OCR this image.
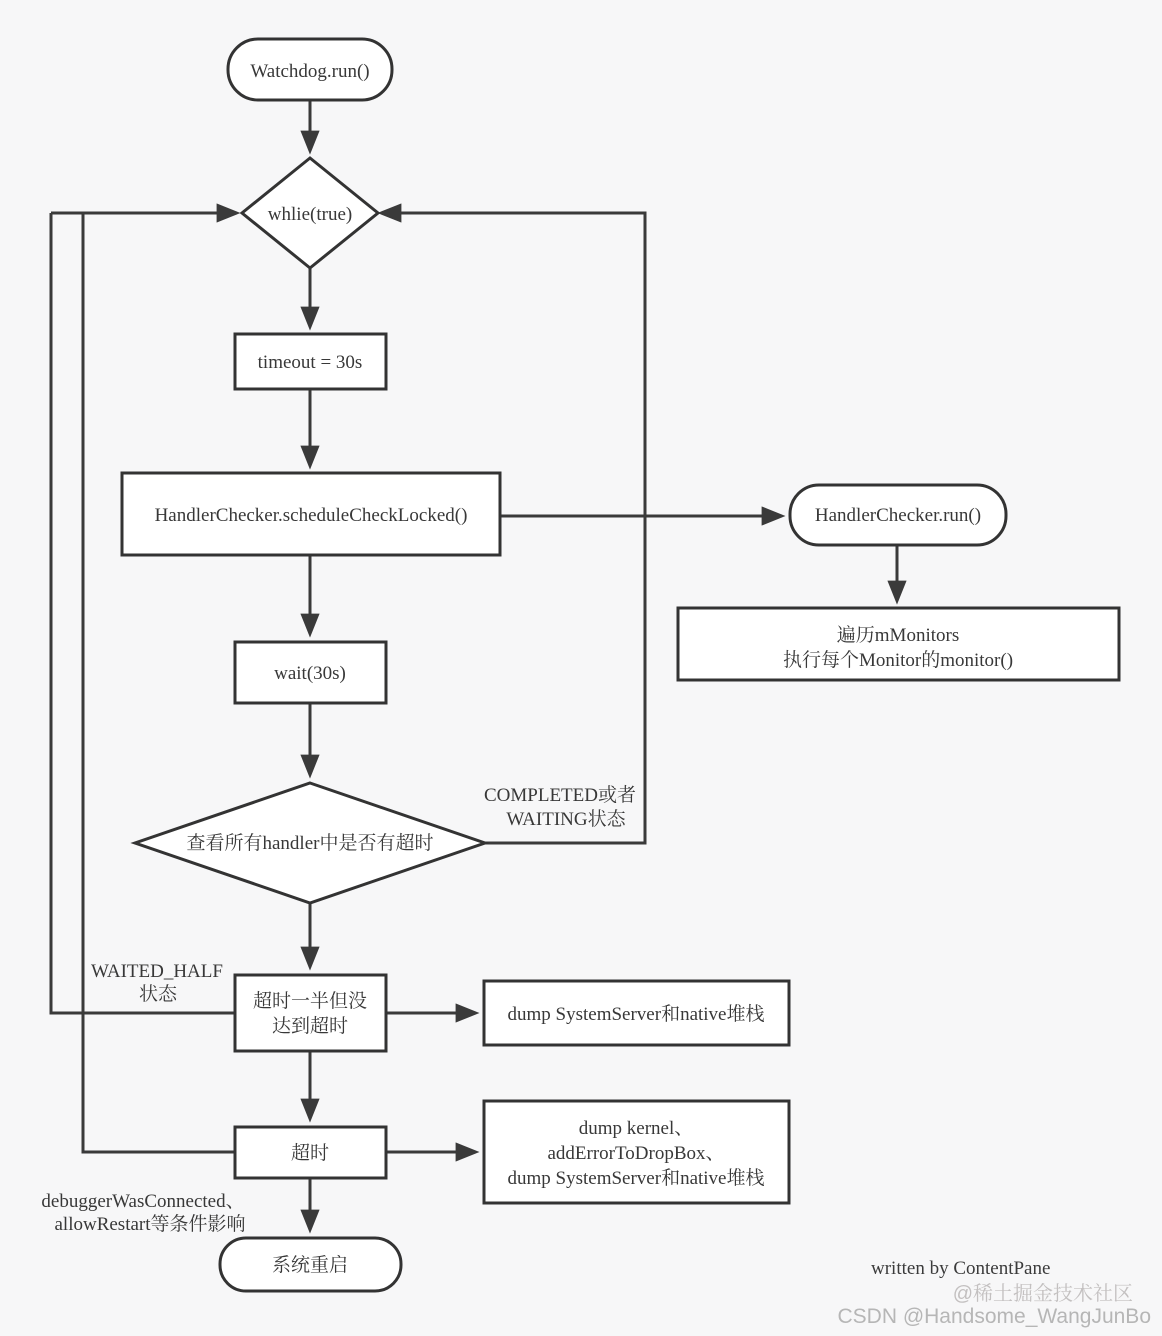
Watchdog.run()
whlie(true)
timeout = 30s
HandlerChecker.scheduleCheckLocked()	HandlerChecker.run()
遍历mMonitors
执行每个Monitor的monitor()
wait(30s)
查看所有handler中是否有超时
超时一半但没
达到超时
dump SystemServer和native堆栈
超时
dump kernel、
addErrorToDropBox、
dump SystemServer和native堆栈
系统重启
COMPLETED或者
WAITING状态
WAITED_HALF
状态
debuggerWasConnected、
allowRestart等条件影响
written by ContentPane
@稀土掘金技术社区
CSDN @Handsome_WangJunBo
